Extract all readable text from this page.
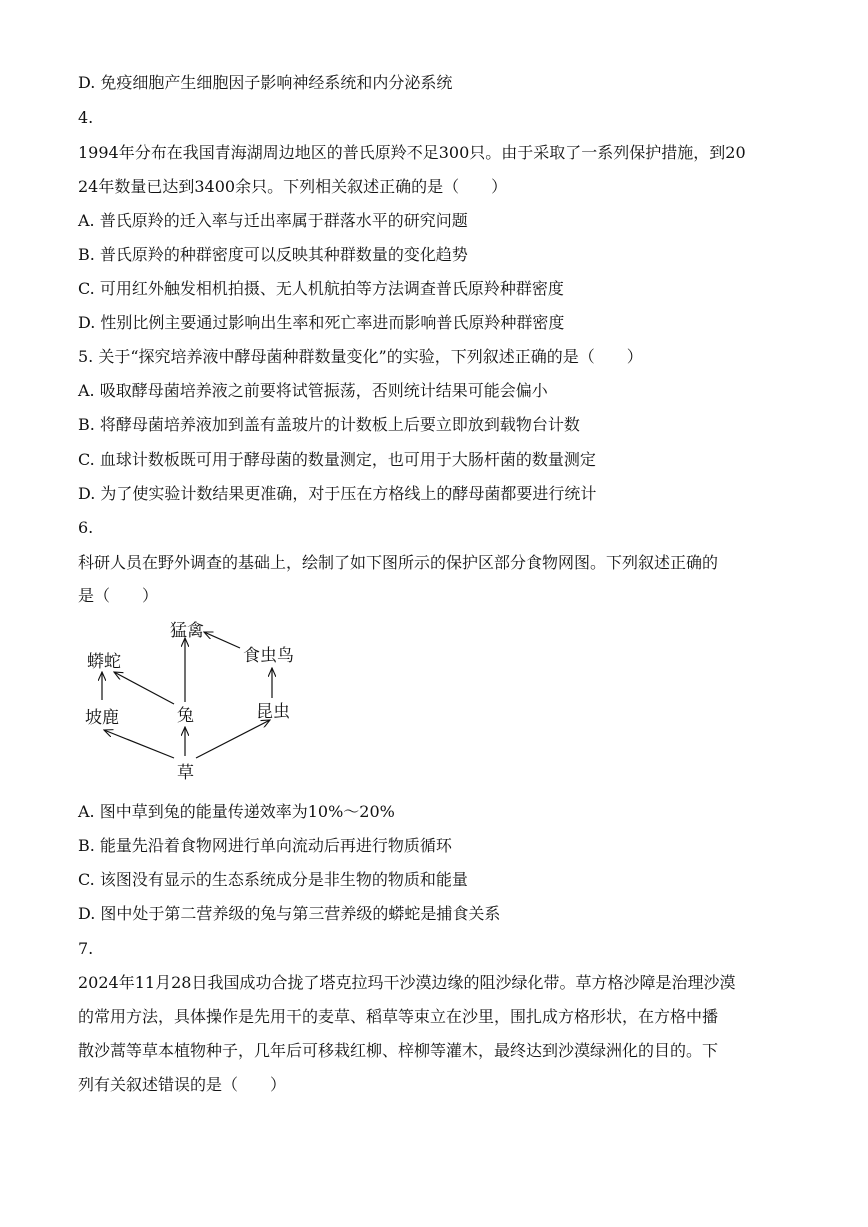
D. 免疫细胞产生细胞因子影响神经系统和内分泌系统
4.
1994年分布在我国青海湖周边地区的普氏原羚不足300只。由于采取了一系列保护措施，到20
24年数量已达到3400余只。下列相关叙述正确的是（　　）
A. 普氏原羚的迁入率与迁出率属于群落水平的研究问题
B. 普氏原羚的种群密度可以反映其种群数量的变化趋势
C. 可用红外触发相机拍摄、无人机航拍等方法调查普氏原羚种群密度
D. 性别比例主要通过影响出生率和死亡率进而影响普氏原羚种群密度
5. 关于“探究培养液中酵母菌种群数量变化”的实验，下列叙述正确的是（　　）
A. 吸取酵母菌培养液之前要将试管振荡，否则统计结果可能会偏小
B. 将酵母菌培养液加到盖有盖玻片的计数板上后要立即放到载物台计数
C. 血球计数板既可用于酵母菌的数量测定，也可用于大肠杆菌的数量测定
D. 为了使实验计数结果更准确，对于压在方格线上的酵母菌都要进行统计
6.
科研人员在野外调查的基础上，绘制了如下图所示的保护区部分食物网图。下列叙述正确的
是（　　）
猛禽
食虫鸟
蟒蛇
坡鹿	兔	昆虫
草
A. 图中草到兔的能量传递效率为10%～20%
B. 能量先沿着食物网进行单向流动后再进行物质循环
C. 该图没有显示的生态系统成分是非生物的物质和能量
D. 图中处于第二营养级的兔与第三营养级的蟒蛇是捕食关系
7.
2024年11月28日我国成功合拢了塔克拉玛干沙漠边缘的阻沙绿化带。草方格沙障是治理沙漠
的常用方法，具体操作是先用干的麦草、稻草等束立在沙里，围扎成方格形状，在方格中播
散沙蒿等草本植物种子，几年后可移栽红柳、梓柳等灌木，最终达到沙漠绿洲化的目的。下
列有关叙述错误的是（　　）
